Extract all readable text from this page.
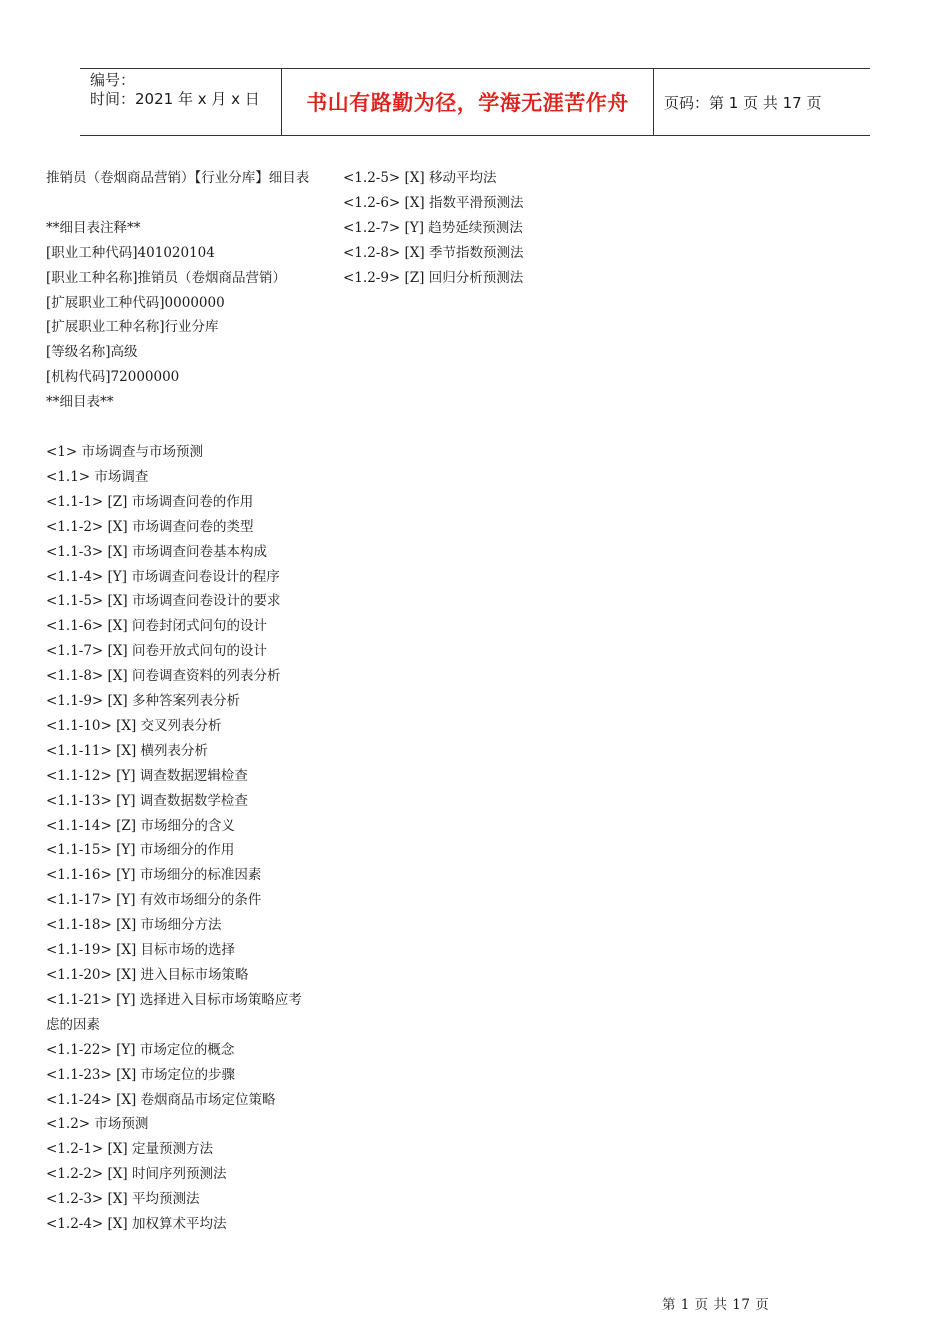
编号：
时间：2021 年 x 月 x 日	书山有路勤为径，学海无涯苦作舟	页码：第 1 页 共 17 页
推销员（卷烟商品营销）【行业分库】细目表

**细目表注释**
[职业工种代码]401020104
[职业工种名称]推销员（卷烟商品营销）
[扩展职业工种代码]0000000
[扩展职业工种名称]行业分库
[等级名称]高级
[机构代码]72000000
**细目表**

<1> 市场调查与市场预测
<1.1> 市场调查
<1.1-1> [Z] 市场调查问卷的作用
<1.1-2> [X] 市场调查问卷的类型
<1.1-3> [X] 市场调查问卷基本构成
<1.1-4> [Y] 市场调查问卷设计的程序
<1.1-5> [X] 市场调查问卷设计的要求
<1.1-6> [X] 问卷封闭式问句的设计
<1.1-7> [X] 问卷开放式问句的设计
<1.1-8> [X] 问卷调查资料的列表分析
<1.1-9> [X] 多种答案列表分析
<1.1-10> [X] 交叉列表分析
<1.1-11> [X] 横列表分析
<1.1-12> [Y] 调查数据逻辑检查
<1.1-13> [Y] 调查数据数学检查
<1.1-14> [Z] 市场细分的含义
<1.1-15> [Y] 市场细分的作用
<1.1-16> [Y] 市场细分的标准因素
<1.1-17> [Y] 有效市场细分的条件
<1.1-18> [X] 市场细分方法
<1.1-19> [X] 目标市场的选择
<1.1-20> [X] 进入目标市场策略
<1.1-21> [Y] 选择进入目标市场策略应考虑的因素
<1.1-22> [Y] 市场定位的概念
<1.1-23> [X] 市场定位的步骤
<1.1-24> [X] 卷烟商品市场定位策略
<1.2> 市场预测
<1.2-1> [X] 定量预测方法
<1.2-2> [X] 时间序列预测法
<1.2-3> [X] 平均预测法
<1.2-4> [X] 加权算术平均法
<1.2-5> [X] 移动平均法
<1.2-6> [X] 指数平滑预测法
<1.2-7> [Y] 趋势延续预测法
<1.2-8> [X] 季节指数预测法
<1.2-9> [Z] 回归分析预测法
第 1 页 共 17 页
